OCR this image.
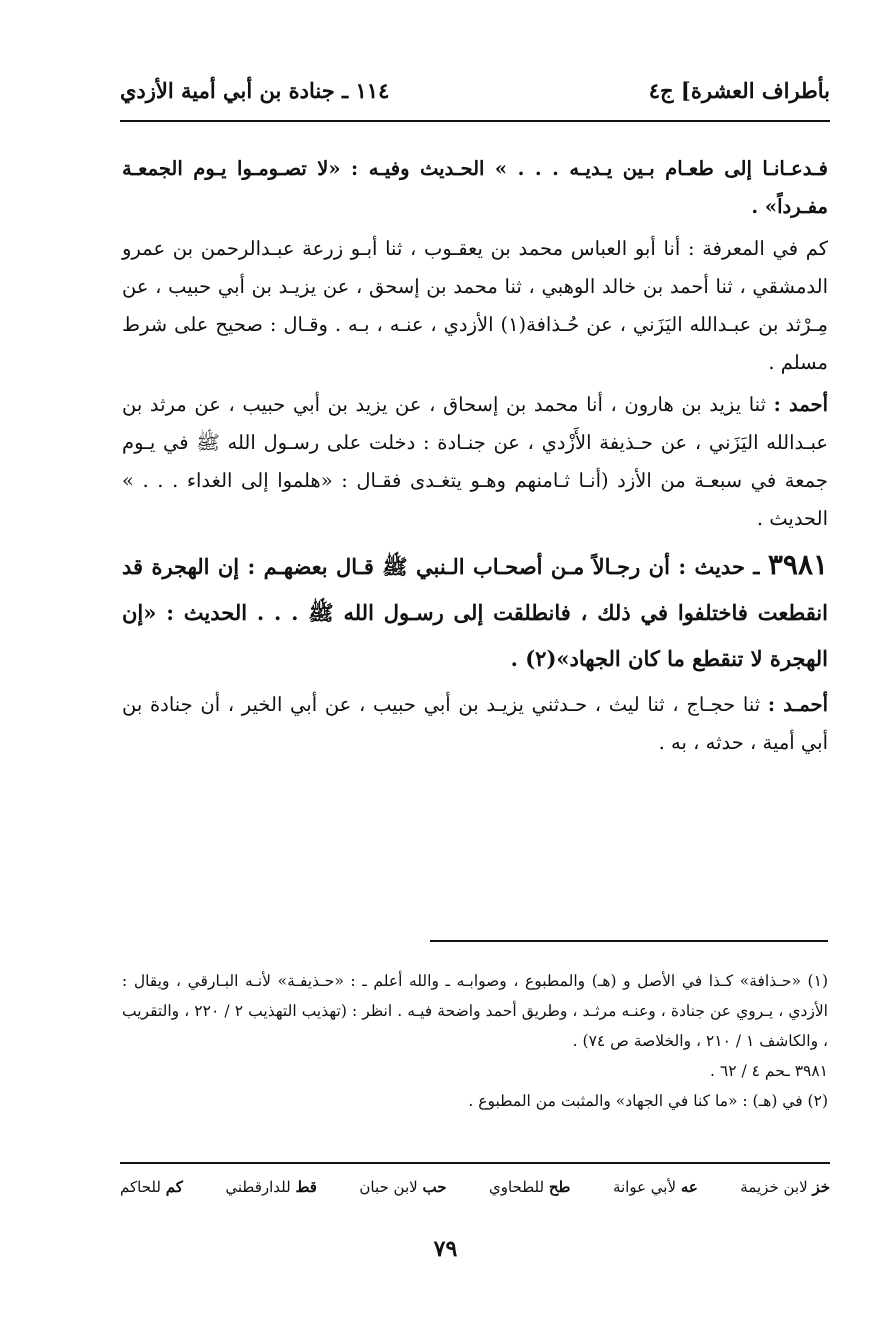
بأطراف العشرة] ج٤
١١٤ ـ جنادة بن أبي أمية الأزدي

فـدعـانـا إلى طعـام بـين يـديـه . . . » الحـديث وفيـه : «لا تصـومـوا يـوم الجمعـة مفـرداً» .

كم في المعرفة : أنا أبو العباس محمد بن يعقـوب ، ثنا أبـو زرعة عبـدالرحمن بن عمرو الدمشقي ، ثنا أحمد بن خالد الوهبي ، ثنا محمد بن إسحق ، عن يزيـد بن أبي حبيب ، عن مِـرْثد بن عبـدالله اليَزَني ، عن حُـذافة(١) الأزدي ، عنـه ، بـه . وقـال : صحيح على شرط مسلم .

أحمد : ثنا يزيد بن هارون ، أنا محمد بن إسحاق ، عن يزيد بن أبي حبيب ، عن مرثد بن عبـدالله اليَزَني ، عن حـذيفة الأَزْدي ، عن جنـادة : دخلت على رسـول الله ﷺ في يـوم جمعة في سبعـة من الأزد (أنـا ثـامنهم وهـو يتغـدى فقـال : «هلموا إلى الغداء . . . » الحديث .

٣٩٨١ ـ حديث : أن رجـالاً مـن أصحـاب الـنبي ﷺ قـال بعضهـم : إن الهجرة قد انقطعت فاختلفوا في ذلك ، فانطلقت إلى رسـول الله ﷺ . . . الحديث : «إن الهجرة لا تنقطع ما كان الجهاد»(٢) .

أحمـد : ثنا حجـاج ، ثنا ليث ، حـدثني يزيـد بن أبي حبيب ، عن أبي الخير ، أن جنادة بن أبي أمية ، حدثه ، به .

(١) «حـذافة» كـذا في الأصل و (هـ) والمطبوع ، وصوابـه ـ والله أعلم ـ : «حـذيفـة» لأنـه البـارقي ، ويقال : الأزدي ، يـروي عن جنادة ، وعنـه مرثـد ، وطريق أحمد واضحة فيـه . انظر : (تهذيب التهذيب ٢ / ٢٢٠ ، والتقريب ، والكاشف ١ / ٢١٠ ، والخلاصة ص ٧٤) .

٣٩٨١ ـحم ٤ / ٦٢ .

(٢) في (هـ) : «ما كنا في الجهاد» والمثبت من المطبوع .

خز لابن خزيمة
عه لأبي عوانة
طح للطحاوي
حب لابن حبان
قط للدارقطني
كم للحاكم
٧٩
